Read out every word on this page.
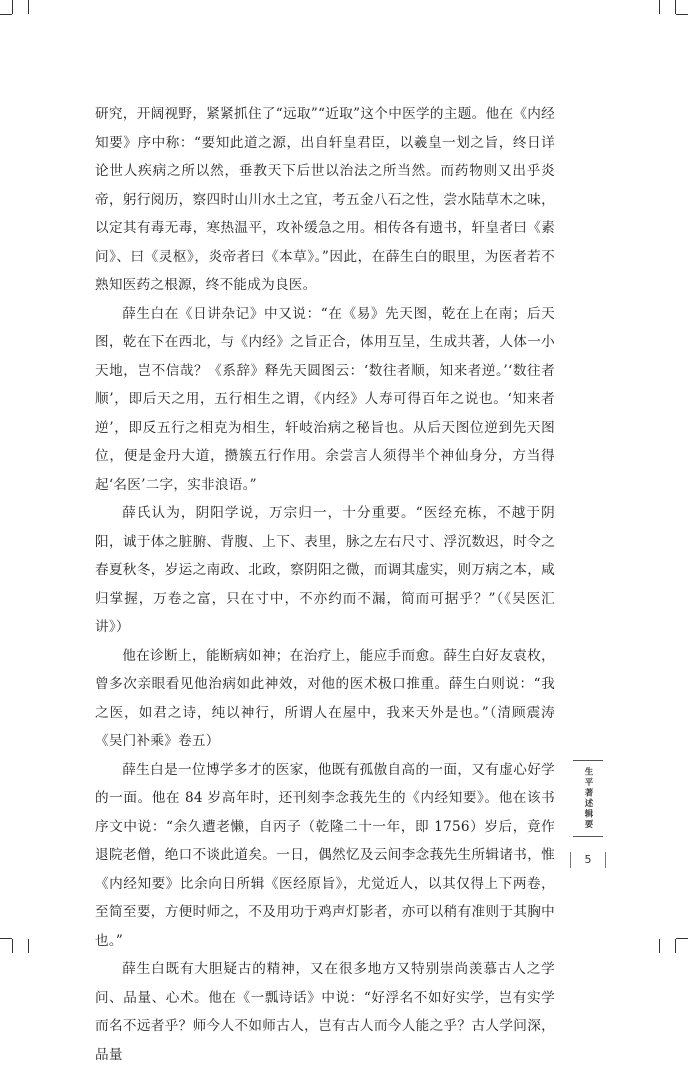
研究，开阔视野，紧紧抓住了“远取”“近取”这个中医学的主题。他在《内经知要》序中称：“要知此道之源，出自轩皇君臣，以羲皇一划之旨，终日详论世人疾病之所以然，垂教天下后世以治法之所当然。而药物则又出乎炎帝，躬行阅历，察四时山川水土之宜，考五金八石之性，尝水陆草木之味，以定其有毒无毒，寒热温平，攻补缓急之用。相传各有遗书，轩皇者曰《素问》、曰《灵枢》，炎帝者曰《本草》。”因此，在薛生白的眼里，为医者若不熟知医药之根源，终不能成为良医。

薛生白在《日讲杂记》中又说：“在《易》先天图，乾在上在南；后天图，乾在下在西北，与《内经》之旨正合，体用互呈，生成共著，人体一小天地，岂不信哉？《系辞》释先天圆图云：‘数往者顺，知来者逆。’‘数往者顺’，即后天之用，五行相生之谓，《内经》人寿可得百年之说也。‘知来者逆’，即反五行之相克为相生，轩岐治病之秘旨也。从后天图位逆到先天图位，便是金丹大道，攒簇五行作用。余尝言人须得半个神仙身分，方当得起‘名医’二字，实非浪语。”

薛氏认为，阴阳学说，万宗归一，十分重要。“医经充栋，不越于阴阳，诚于体之脏腑、背腹、上下、表里，脉之左右尺寸、浮沉数迟，时令之春夏秋冬，岁运之南政、北政，察阴阳之微，而调其虚实，则万病之本，咸归掌握，万卷之富，只在寸中，不亦约而不漏，简而可据乎？”（《吴医汇讲》）

他在诊断上，能断病如神；在治疗上，能应手而愈。薛生白好友袁枚，曾多次亲眼看见他治病如此神效，对他的医术极口推重。薛生白则说：“我之医，如君之诗，纯以神行，所谓人在屋中，我来天外是也。”（清顾震涛《吴门补乘》卷五）

薛生白是一位博学多才的医家，他既有孤傲自高的一面，又有虚心好学的一面。他在 84 岁高年时，还刊刻李念莪先生的《内经知要》。他在该书序文中说：“余久遭老懒，自丙子（乾隆二十一年，即 1756）岁后，竟作退院老僧，绝口不谈此道矣。一日，偶然忆及云间李念莪先生所辑诸书，惟《内经知要》比余向日所辑《医经原旨》，尤觉近人，以其仅得上下两卷，至简至要，方便时师之，不及用功于鸡声灯影者，亦可以稍有准则于其胸中也。”

薛生白既有大胆疑古的精神，又在很多地方又特别崇尚羡慕古人之学问、品量、心术。他在《一瓢诗话》中说：“好浮名不如好实学，岂有实学而名不远者乎？师今人不如师古人，岂有古人而今人能之乎？古人学问深，品量

生平著述辑要
5
